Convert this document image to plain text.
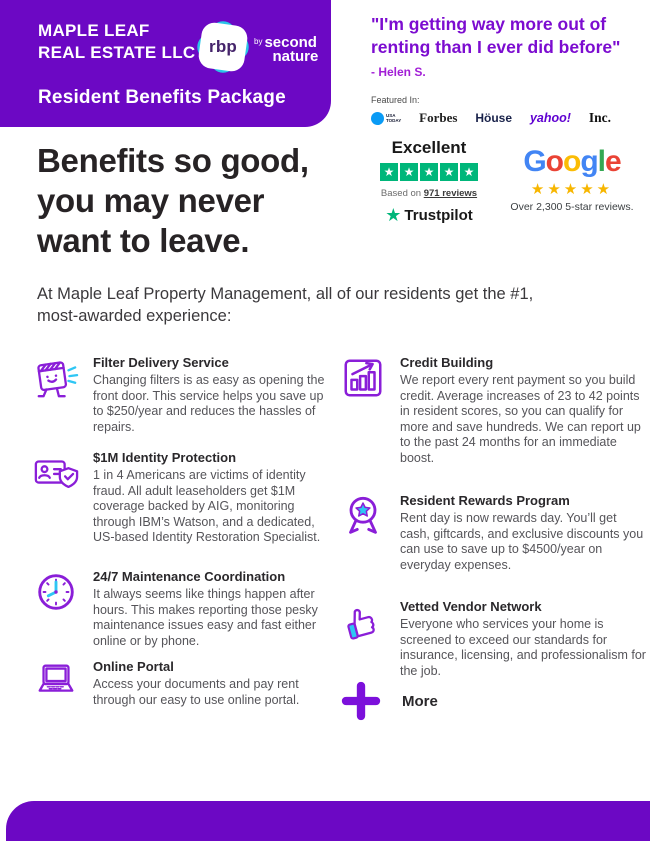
MAPLE LEAF
REAL ESTATE LLC rbp	by second
nature
Resident Benefits Package
"I'm getting way more out of
renting than I ever did before"
- Helen S.
Featured In:
USA
TODAY Forbes Höuse yahoo! Inc.
Excellent
★ ★ ★ ★ ★
Based on 971 reviews
★ Trustpilot
Google
★★★★★
Over 2,300 5-star reviews.
Benefits so good,
you may never
want to leave.
At Maple Leaf Property Management, all of our residents get the #1,
most-awarded experience:
Filter Delivery Service
Changing filters is as easy as opening the front door. This service helps you save up to $250/year and reduces the hassles of repairs.
$1M Identity Protection
1 in 4 Americans are victims of identity fraud. All adult leaseholders get $1M coverage backed by AIG, monitoring through IBM’s Watson, and a dedicated, US-based Identity Restoration Specialist.
24/7 Maintenance Coordination
It always seems like things happen after hours. This makes reporting those pesky maintenance issues easy and fast either online or by phone.
Online Portal
Access your documents and pay rent through our easy to use online portal.
Credit Building
We report every rent payment so you build credit. Average increases of 23 to 42 points in resident scores, so you can qualify for more and save hundreds. We can report up to the past 24 months for an immediate boost.
Resident Rewards Program
Rent day is now rewards day. You’ll get cash, giftcards, and exclusive discounts you can use to save up to $4500/year on everyday expenses.
Vetted Vendor Network
Everyone who services your home is screened to exceed our standards for insurance, licensing, and professionalism for the job.
More
